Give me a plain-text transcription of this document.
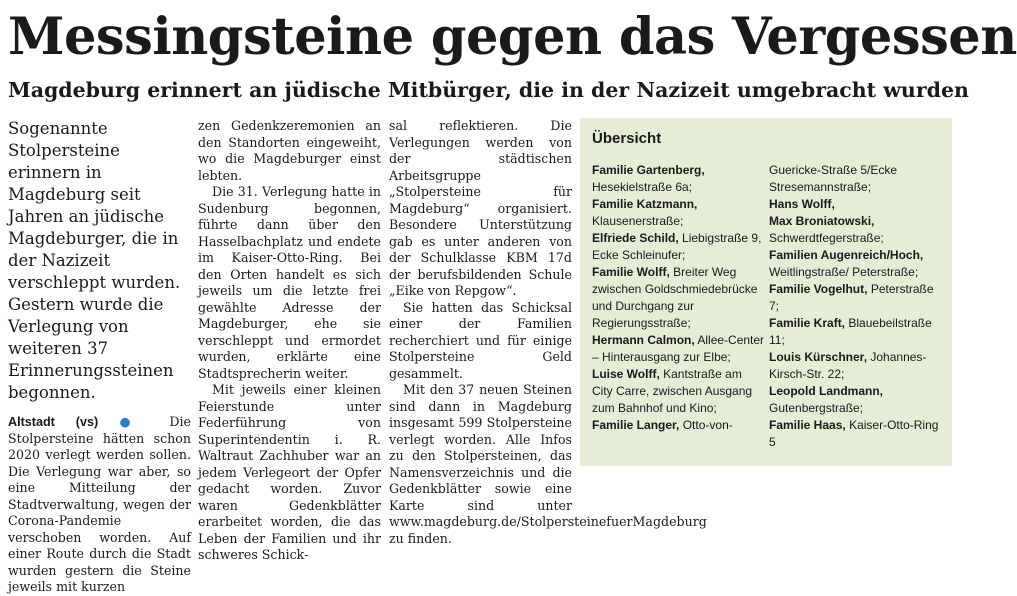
Messingsteine gegen das Vergessen
Magdeburg erinnert an jüdische Mitbürger, die in der Nazizeit umgebracht wurden

Sogenannte Stolpersteine erinnern in Magdeburg seit Jahren an jüdische Magdeburger, die in der Nazizeit verschleppt wurden. Gestern wurde die Verlegung von weiteren 37 Erinnerungssteinen begonnen.

Altstadt (vs) ● Die Stolpersteine hätten schon 2020 verlegt werden sollen. Die Verlegung war aber, so eine Mitteilung der Stadtverwaltung, wegen der Corona-Pandemie verschoben worden. Auf einer Route durch die Stadt wurden gestern die Steine jeweils mit kurzen

zen Gedenkzeremonien an den Standorten eingeweiht, wo die Magdeburger einst lebten.

Die 31. Verlegung hatte in Sudenburg begonnen, führte dann über den Hasselbachplatz und endete im Kaiser-Otto-Ring. Bei den Orten handelt es sich jeweils um die letzte frei gewählte Adresse der Magdeburger, ehe sie verschleppt und ermordet wurden, erklärte eine Stadtsprecherin weiter.

Mit jeweils einer kleinen Feierstunde unter Federführung von Superintendentin i. R. Waltraut Zachhuber war an jedem Verlegeort der Opfer gedacht worden. Zuvor waren Gedenkblätter erarbeitet worden, die das Leben der Familien und ihr schweres Schick-

sal reflektieren. Die Verlegungen werden von der städtischen Arbeitsgruppe „Stolpersteine für Magdeburg“ organisiert. Besondere Unterstützung gab es unter anderen von der Schulklasse KBM 17d der berufsbildenden Schule „Eike von Repgow“.

Sie hatten das Schicksal einer der Familien recherchiert und für einige Stolpersteine Geld gesammelt.

Mit den 37 neuen Steinen sind dann in Magdeburg insgesamt 599 Stolpersteine verlegt worden. Alle Infos zu den Stolpersteinen, das Namensverzeichnis und die Gedenkblätter sowie eine Karte sind unter www.magdeburg.de/StolpersteinefuerMagdeburg zu finden.

Übersicht
Familie Gartenberg, Hesekielstraße 6a;
Familie Katzmann, Klausenerstraße;
Elfriede Schild, Liebigstraße 9, Ecke Schleinufer;
Familie Wolff, Breiter Weg zwischen Goldschmiedebrücke und Durchgang zur Regierungsstraße;
Hermann Calmon, Allee-Center – Hinterausgang zur Elbe;
Luise Wolff, Kantstraße am City Carre, zwischen Ausgang zum Bahnhof und Kino;
Familie Langer, Otto-von-
Guericke-Straße 5/Ecke Stresemannstraße;
Hans Wolff,
Max Broniatowski, Schwerdtfegerstraße;
Familien Augenreich/Hoch, Weitlingstraße/ Peterstraße;
Familie Vogelhut, Peterstraße 7;
Familie Kraft, Blauebeilstraße 11;
Louis Kürschner, Johannes-Kirsch-Str. 22;
Leopold Landmann, Gutenbergstraße;
Familie Haas, Kaiser-Otto-Ring 5
